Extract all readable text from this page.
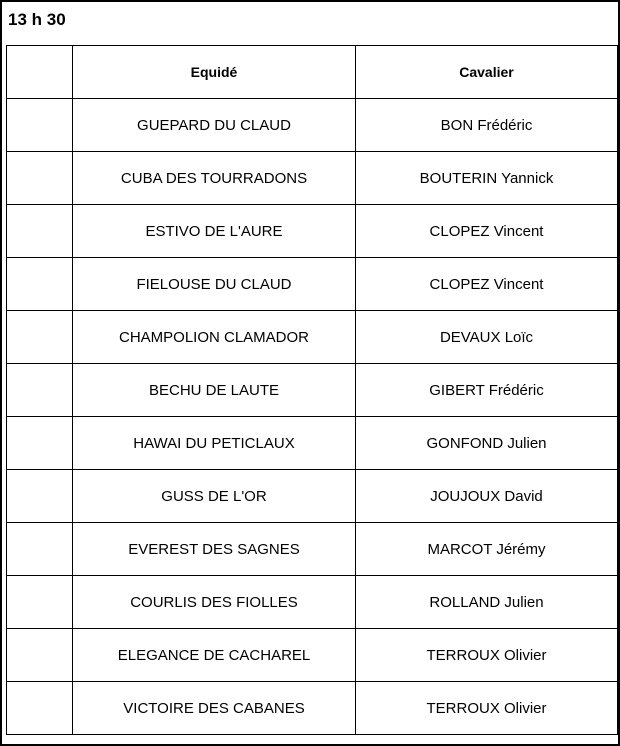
13 h 30
	Equidé	Cavalier
	GUEPARD DU CLAUD	BON Frédéric
	CUBA DES TOURRADONS	BOUTERIN Yannick
	ESTIVO DE L'AURE	CLOPEZ Vincent
	FIELOUSE DU CLAUD	CLOPEZ Vincent
	CHAMPOLION CLAMADOR	DEVAUX Loïc
	BECHU DE LAUTE	GIBERT Frédéric
	HAWAI DU PETICLAUX	GONFOND Julien
	GUSS DE L'OR	JOUJOUX David
	EVEREST DES SAGNES	MARCOT Jérémy
	COURLIS DES FIOLLES	ROLLAND Julien
	ELEGANCE DE CACHAREL	TERROUX Olivier
	VICTOIRE DES CABANES	TERROUX Olivier
